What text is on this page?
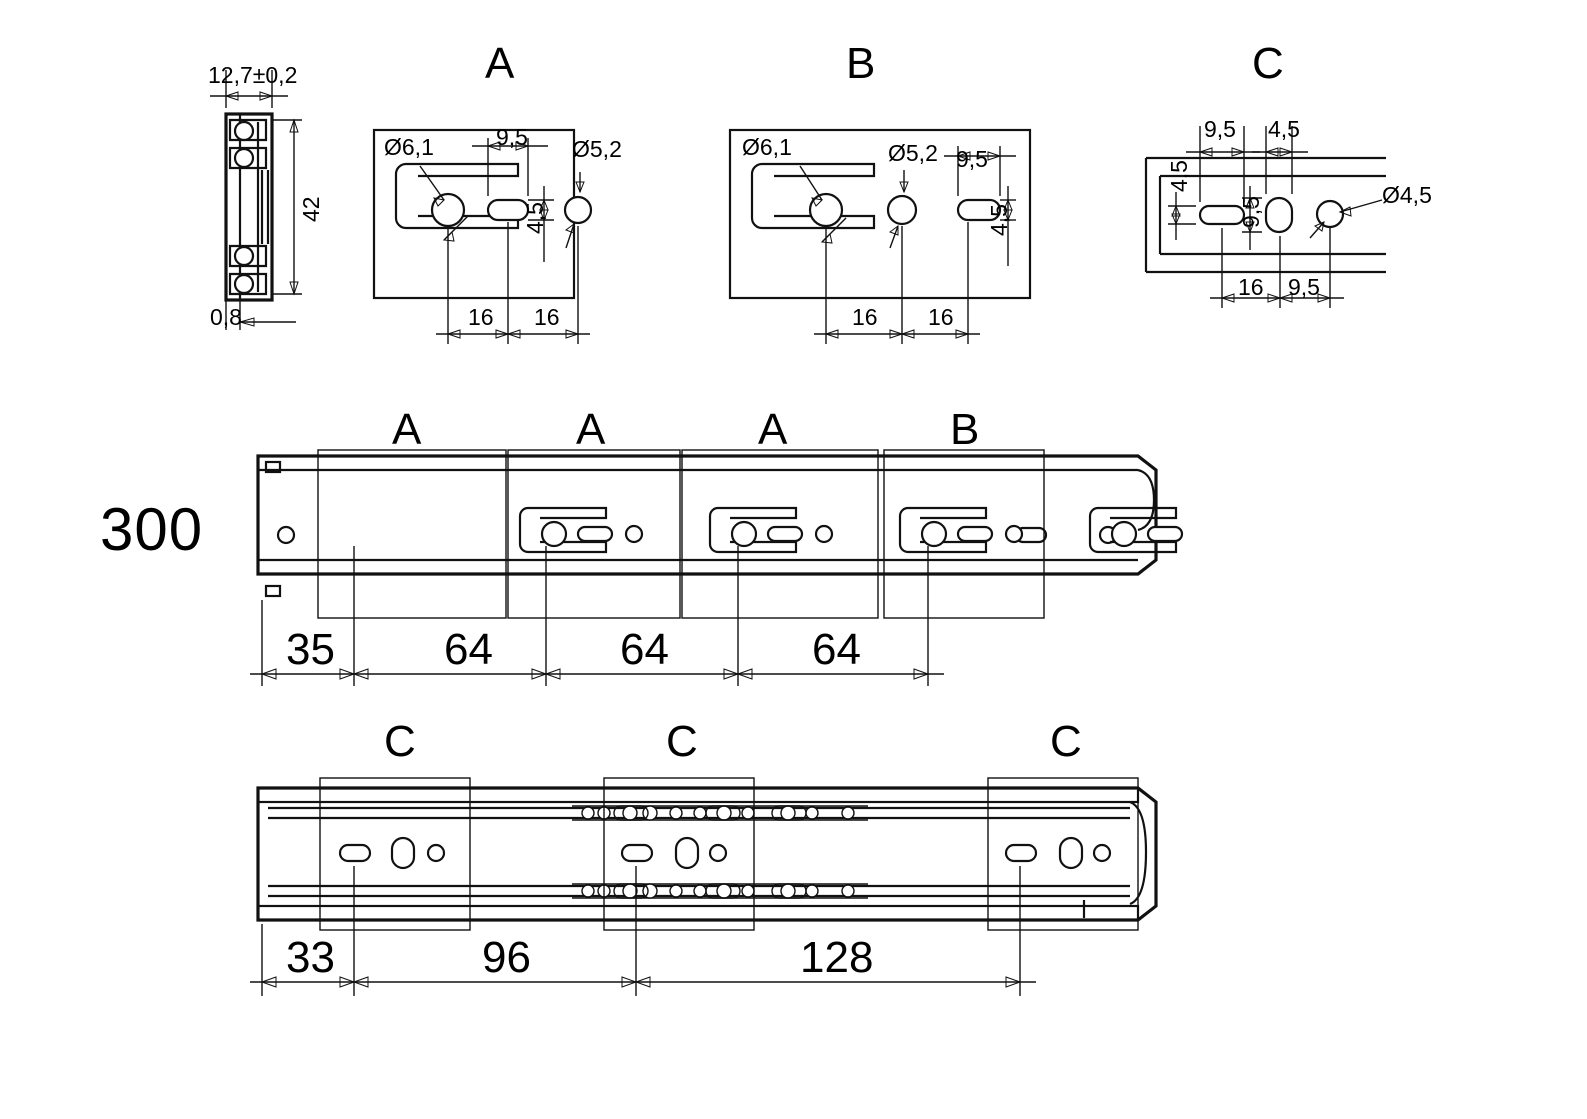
A	B	C
12,7±0,2
42
0,8
Ø6,1	Ø5,2
9,5
4,5
16 16
Ø6,1	Ø5,2 9,5
4,5
16 16
9,5 4,5
4,5
9,5
Ø4,5
16 9,5
300
A	A	A	B
35 64	64	64
C	C	C
33	96	128
